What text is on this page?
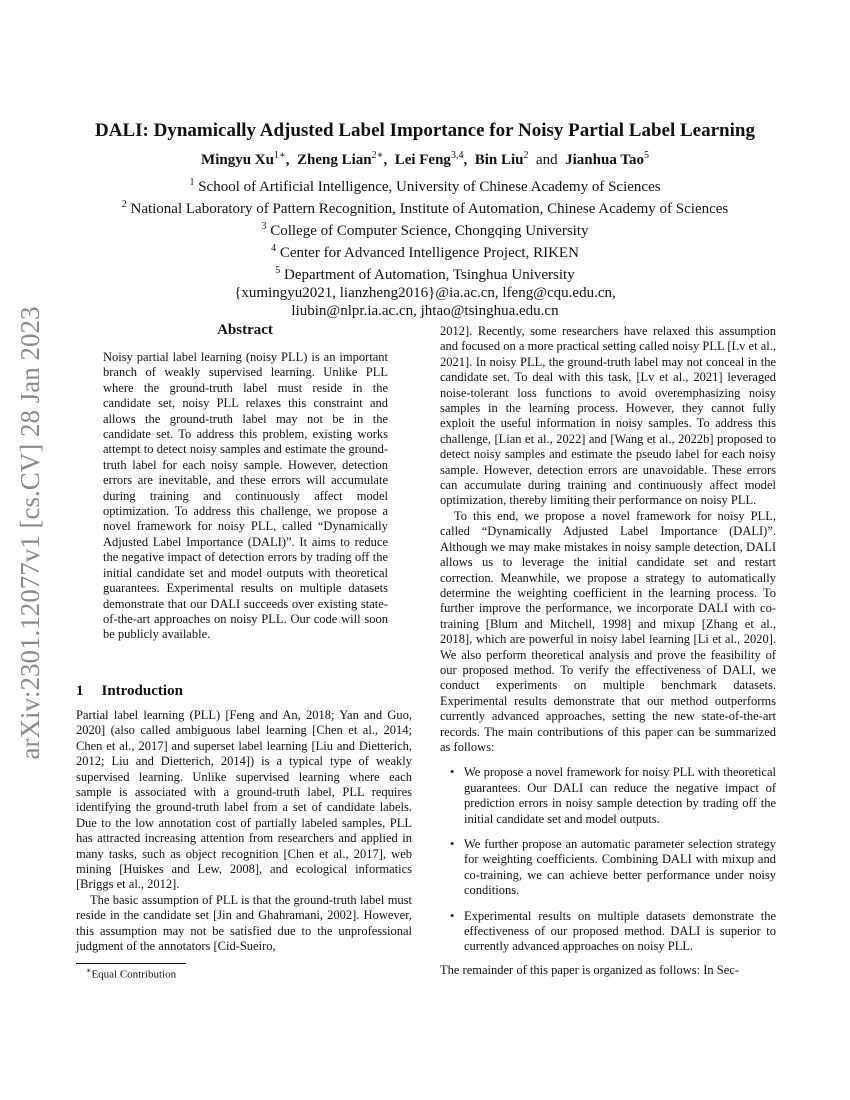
arXiv:2301.12077v1 [cs.CV] 28 Jan 2023
DALI: Dynamically Adjusted Label Importance for Noisy Partial Label Learning
Mingyu $Xu^{1∗}$,  Zheng Lian$^{2∗}$,  Lei Feng$^{3,4}$,  Bin Liu$^2$ and Jianhua Tao$^5$
$^1$ School of Artificial Intelligence, University of Chinese Academy of Sciences
$^2$ National Laboratory of Pattern Recognition, Institute of Automation, Chinese Academy of Sciences
$^3$ College of Computer Science, Chongqing University
$^4$ Center for Advanced Intelligence Project, RIKEN
$^5$ Department of Automation, Tsinghua University
{xumingyu2021, lianzheng2016}@ia.ac.cn, lfeng@cqu.edu.cn,
liubin@nlpr.ia.ac.cn, jhtao@tsinghua.edu.cn
Abstract
Noisy partial label learning (noisy PLL) is an important branch of weakly supervised learning. Unlike PLL where the ground-truth label must reside in the candidate set, noisy PLL relaxes this constraint and allows the ground-truth label may not be in the candidate set. To address this problem, existing works attempt to detect noisy samples and estimate the ground-truth label for each noisy sample. However, detection errors are inevitable, and these errors will accumulate during training and continuously affect model optimization. To address this challenge, we propose a novel framework for noisy PLL, called “Dynamically Adjusted Label Importance (DALI)”. It aims to reduce the negative impact of detection errors by trading off the initial candidate set and model outputs with theoretical guarantees. Experimental results on multiple datasets demonstrate that our DALI succeeds over existing state-of-the-art approaches on noisy PLL. Our code will soon be publicly available.
1 Introduction

Partial label learning (PLL) [Feng and An, 2018; Yan and Guo, 2020] (also called ambiguous label learning [Chen et al., 2014; Chen et al., 2017] and superset label learning [Liu and Dietterich, 2012; Liu and Dietterich, 2014]) is a typical type of weakly supervised learning. Unlike supervised learning where each sample is associated with a ground-truth label, PLL requires identifying the ground-truth label from a set of candidate labels. Due to the low annotation cost of partially labeled samples, PLL has attracted increasing attention from researchers and applied in many tasks, such as object recognition [Chen et al., 2017], web mining [Huiskes and Lew, 2008], and ecological informatics [Briggs et al., 2012].

The basic assumption of PLL is that the ground-truth label must reside in the candidate set [Jin and Ghahramani, 2002]. However, this assumption may not be satisfied due to the unprofessional judgment of the annotators [Cid-Sueiro,

2012]. Recently, some researchers have relaxed this assumption and focused on a more practical setting called noisy PLL [Lv et al., 2021]. In noisy PLL, the ground-truth label may not conceal in the candidate set. To deal with this task, [Lv et al., 2021] leveraged noise-tolerant loss functions to avoid overemphasizing noisy samples in the learning process. However, they cannot fully exploit the useful information in noisy samples. To address this challenge, [Lian et al., 2022] and [Wang et al., 2022b] proposed to detect noisy samples and estimate the pseudo label for each noisy sample. However, detection errors are unavoidable. These errors can accumulate during training and continuously affect model optimization, thereby limiting their performance on noisy PLL.

To this end, we propose a novel framework for noisy PLL, called “Dynamically Adjusted Label Importance (DALI)”. Although we may make mistakes in noisy sample detection, DALI allows us to leverage the initial candidate set and restart correction. Meanwhile, we propose a strategy to automatically determine the weighting coefficient in the learning process. To further improve the performance, we incorporate DALI with co-training [Blum and Mitchell, 1998] and mixup [Zhang et al., 2018], which are powerful in noisy label learning [Li et al., 2020]. We also perform theoretical analysis and prove the feasibility of our proposed method. To verify the effectiveness of DALI, we conduct experiments on multiple benchmark datasets. Experimental results demonstrate that our method outperforms currently advanced approaches, setting the new state-of-the-art records. The main contributions of this paper can be summarized as follows:

• We propose a novel framework for noisy PLL with theoretical guarantees. Our DALI can reduce the negative impact of prediction errors in noisy sample detection by trading off the initial candidate set and model outputs.
• We further propose an automatic parameter selection strategy for weighting coefficients. Combining DALI with mixup and co-training, we can achieve better performance under noisy conditions.
• Experimental results on multiple datasets demonstrate the effectiveness of our proposed method. DALI is superior to currently advanced approaches on noisy PLL.
∗Equal Contribution	The remainder of this paper is organized as follows: In Sec-
